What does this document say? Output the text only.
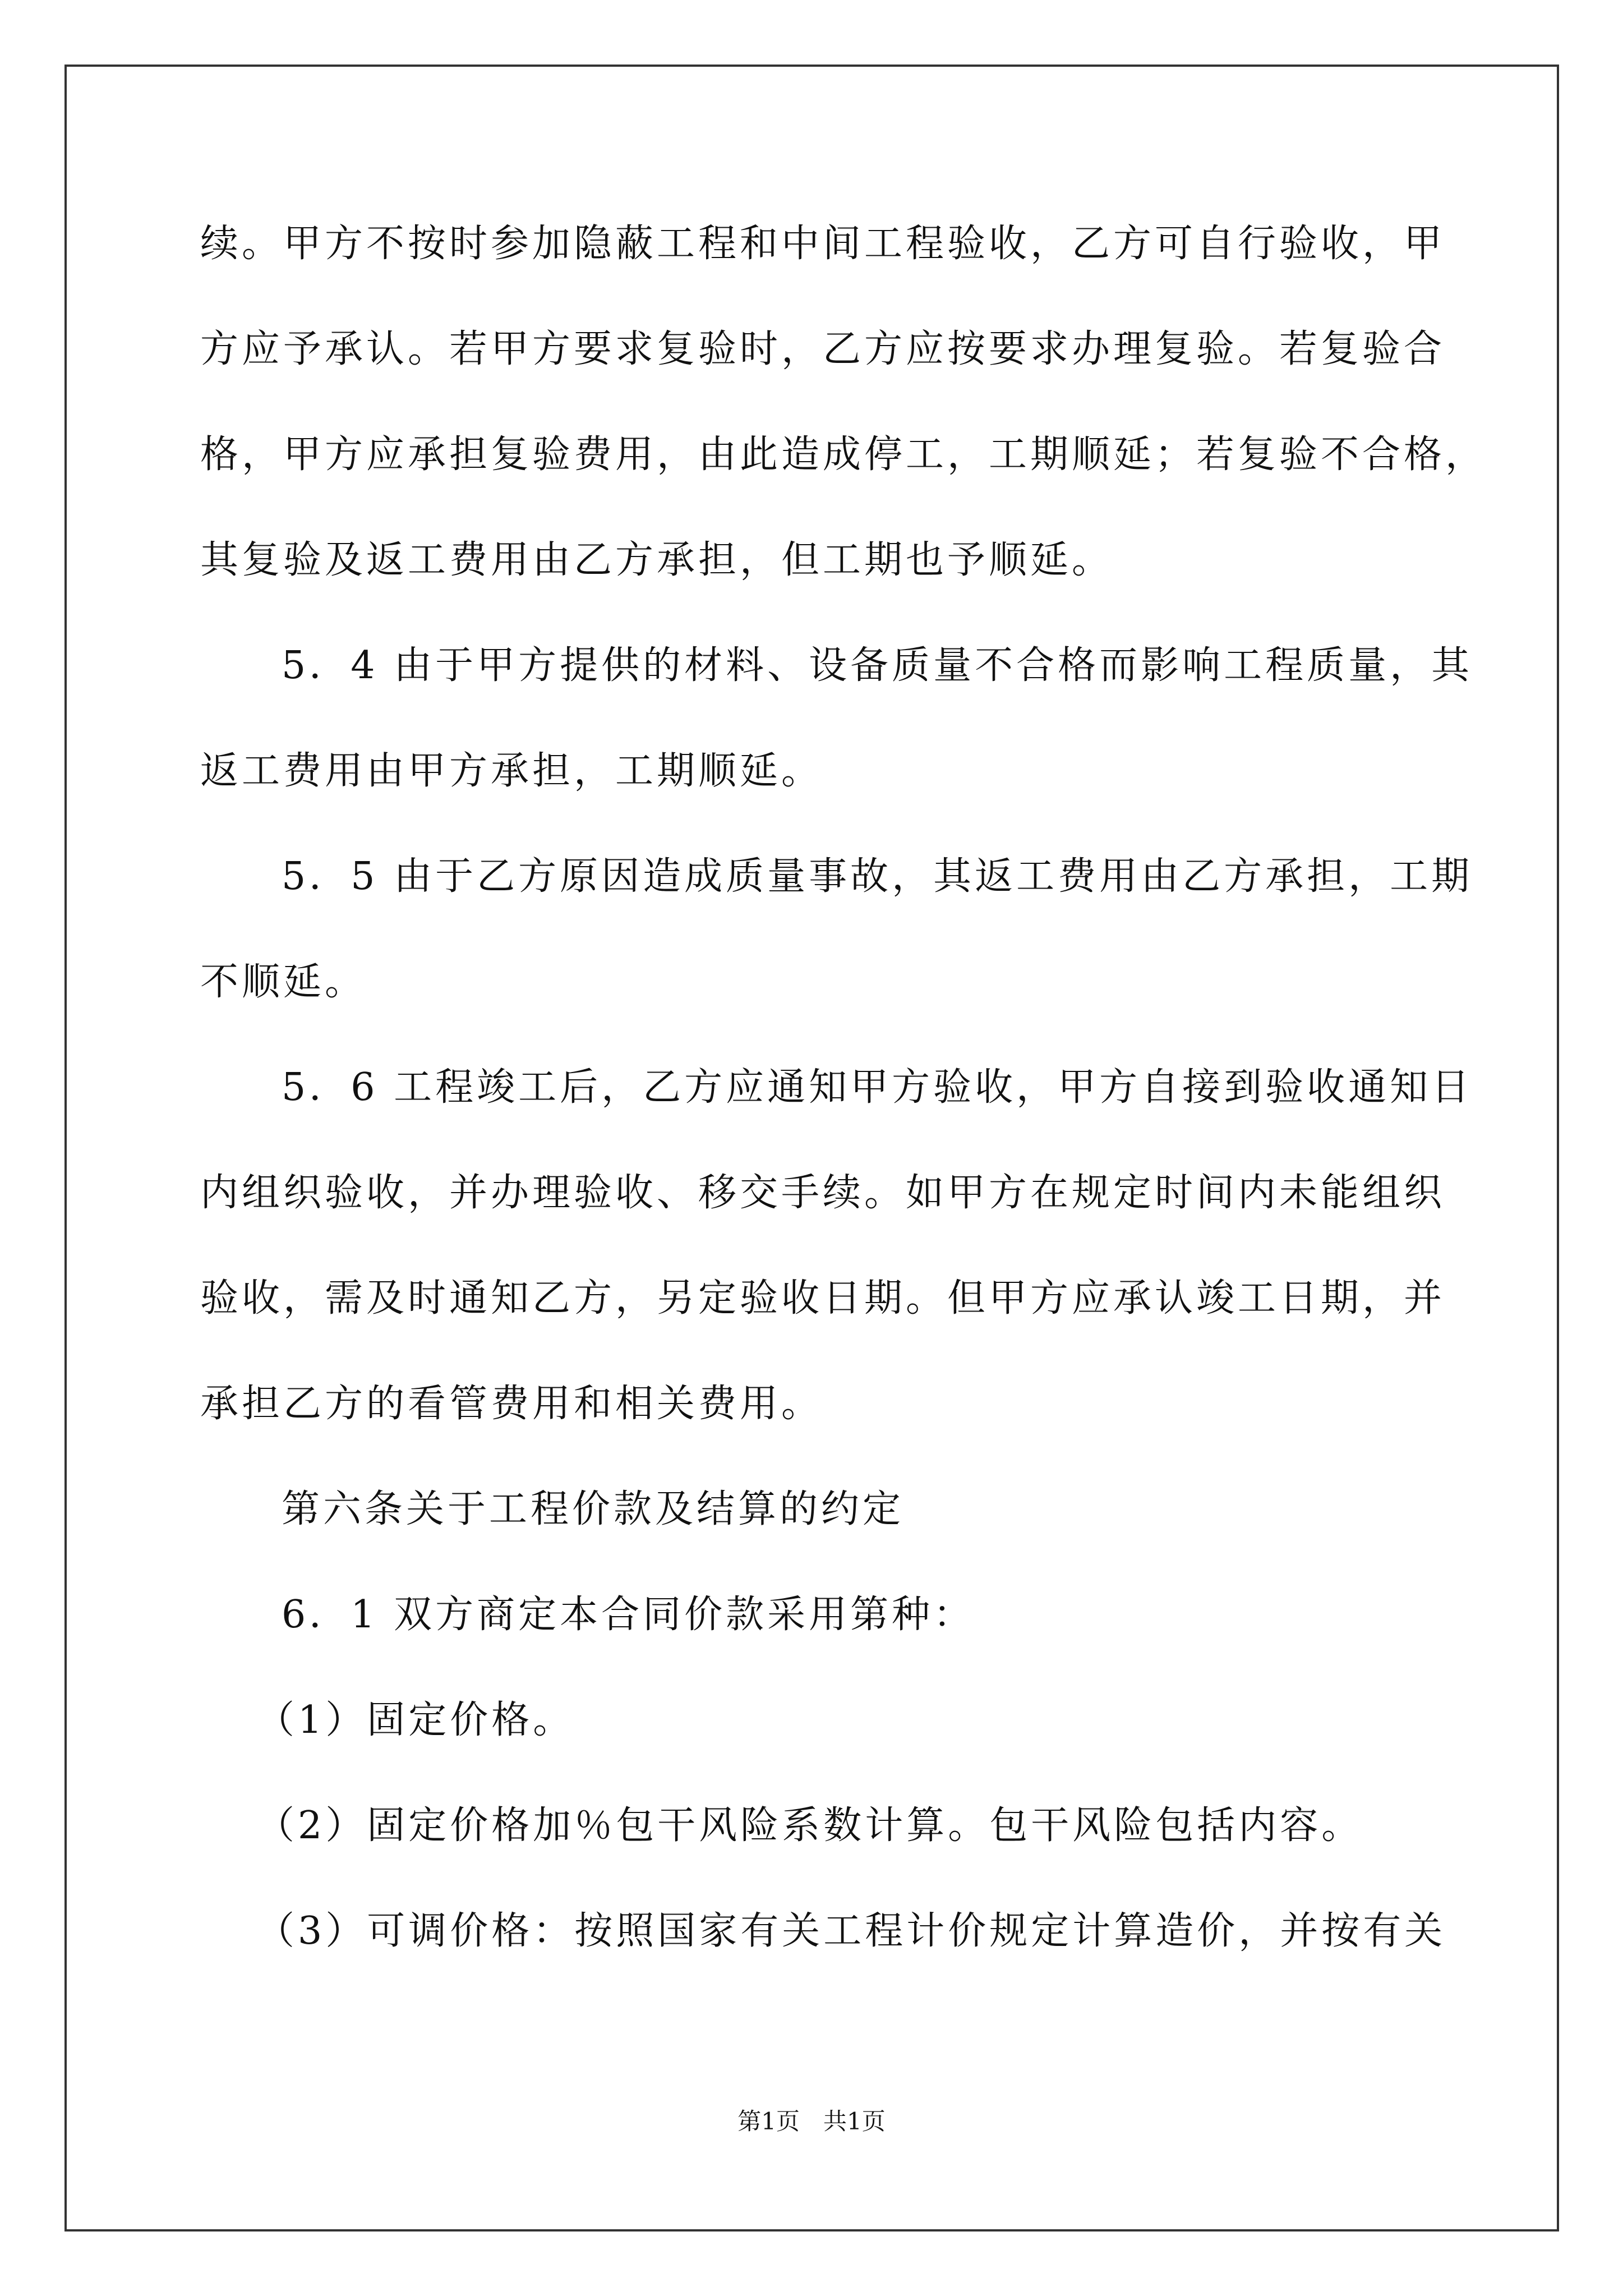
续。甲方不按时参加隐蔽工程和中间工程验收，乙方可自行验收，甲
方应予承认。若甲方要求复验时，乙方应按要求办理复验。若复验合
格，甲方应承担复验费用，由此造成停工，工期顺延；若复验不合格，
其复验及返工费用由乙方承担，但工期也予顺延。
5．4 由于甲方提供的材料、设备质量不合格而影响工程质量，其
返工费用由甲方承担，工期顺延。
5．5 由于乙方原因造成质量事故，其返工费用由乙方承担，工期
不顺延。
5．6 工程竣工后，乙方应通知甲方验收，甲方自接到验收通知日
内组织验收，并办理验收、移交手续。如甲方在规定时间内未能组织
验收，需及时通知乙方，另定验收日期。但甲方应承认竣工日期，并
承担乙方的看管费用和相关费用。
第六条关于工程价款及结算的约定
6．1 双方商定本合同价款采用第种：
（1）固定价格。
（2）固定价格加％包干风险系数计算。包干风险包括内容。
（3）可调价格：按照国家有关工程计价规定计算造价，并按有关
第1页　共1页
